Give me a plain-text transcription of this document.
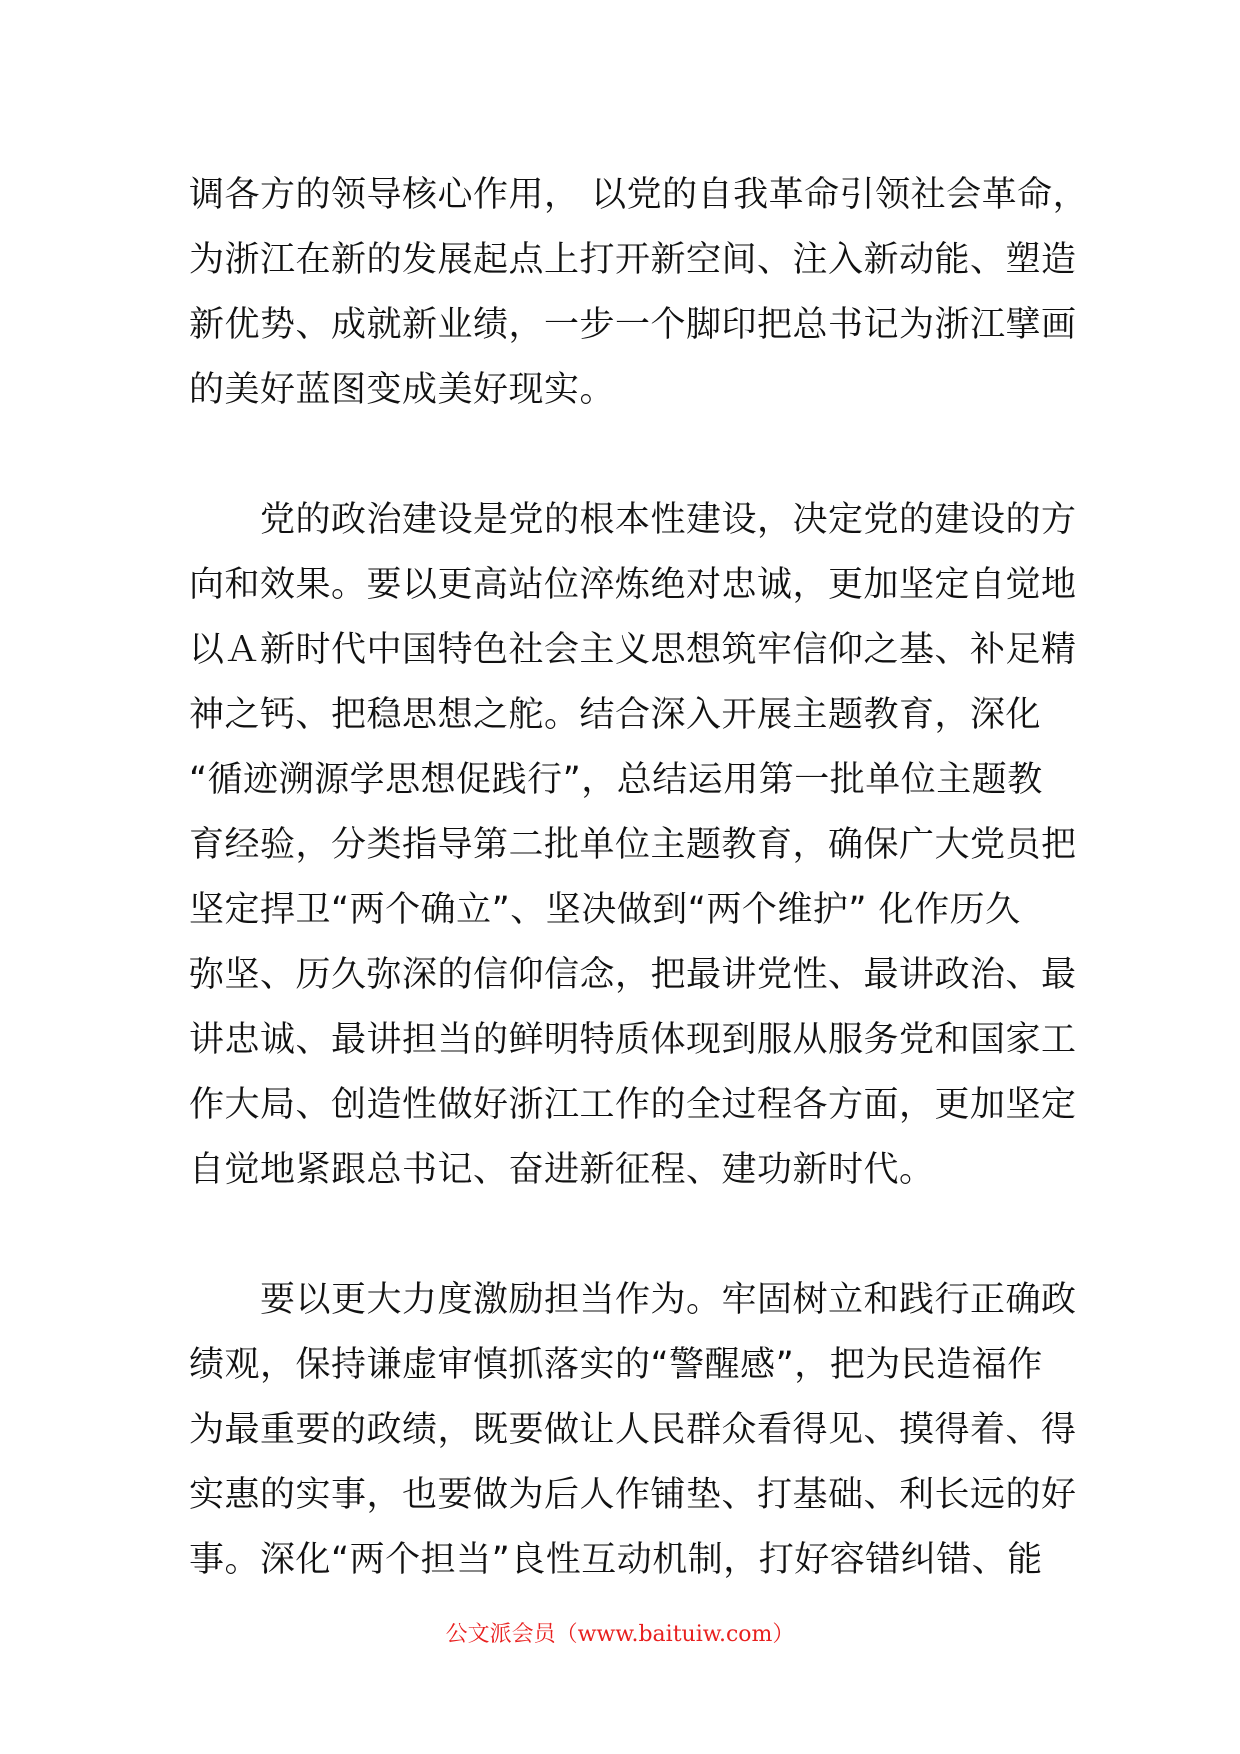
调各方的领导核心作用， 以党的自我革命引领社会革命，
为浙江在新的发展起点上打开新空间、注入新动能、塑造
新优势、成就新业绩，一步一个脚印把总书记为浙江擘画
的美好蓝图变成美好现实。
　　党的政治建设是党的根本性建设，决定党的建设的方
向和效果。要以更高站位淬炼绝对忠诚，更加坚定自觉地
以Ａ新时代中国特色社会主义思想筑牢信仰之基、补足精
神之钙、把稳思想之舵。结合深入开展主题教育，深化
“循迹溯源学思想促践行”，总结运用第一批单位主题教
育经验，分类指导第二批单位主题教育，确保广大党员把
坚定捍卫“两个确立”、坚决做到“两个维护” 化作历久
弥坚、历久弥深的信仰信念，把最讲党性、最讲政治、最
讲忠诚、最讲担当的鲜明特质体现到服从服务党和国家工
作大局、创造性做好浙江工作的全过程各方面，更加坚定
自觉地紧跟总书记、奋进新征程、建功新时代。
　　要以更大力度激励担当作为。牢固树立和践行正确政
绩观，保持谦虚审慎抓落实的“警醒感”，把为民造福作
为最重要的政绩，既要做让人民群众看得见、摸得着、得
实惠的实事，也要做为后人作铺垫、打基础、利长远的好
事。深化“两个担当”良性互动机制，打好容错纠错、能
公文派会员（www.baituiw.com）
